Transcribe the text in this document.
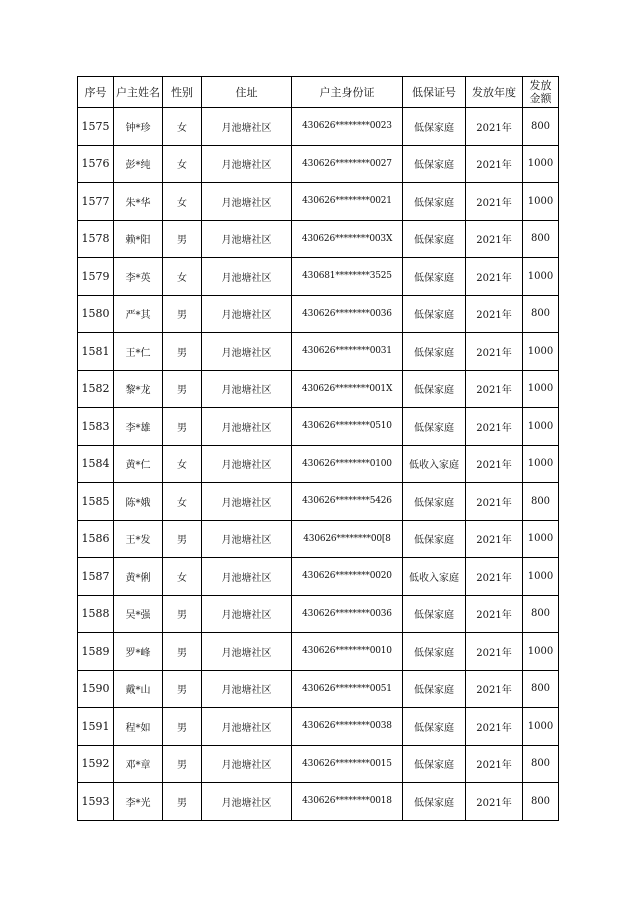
序号	户主姓名	性别	住址	户主身份证	低保证号	发放年度	发放
金额

1575	钟*珍	女	月池塘社区	430626********0023	低保家庭	2021年	800
1576	彭*纯	女	月池塘社区	430626********0027	低保家庭	2021年	1000
1577	朱*华	女	月池塘社区	430626********0021	低保家庭	2021年	1000
1578	赖*阳	男	月池塘社区	430626********003X	低保家庭	2021年	800
1579	李*英	女	月池塘社区	430681********3525	低保家庭	2021年	1000
1580	严*其	男	月池塘社区	430626********0036	低保家庭	2021年	800
1581	王*仁	男	月池塘社区	430626********0031	低保家庭	2021年	1000
1582	黎*龙	男	月池塘社区	430626********001X	低保家庭	2021年	1000
1583	李*雄	男	月池塘社区	430626********0510	低保家庭	2021年	1000
1584	黄*仁	女	月池塘社区	430626********0100	低收入家庭	2021年	1000
1585	陈*娥	女	月池塘社区	430626********5426	低保家庭	2021年	800
1586	王*发	男	月池塘社区	430626********00[8	低保家庭	2021年	1000
1587	黄*俐	女	月池塘社区	430626********0020	低收入家庭	2021年	1000
1588	吴*强	男	月池塘社区	430626********0036	低保家庭	2021年	800
1589	罗*峰	男	月池塘社区	430626********0010	低保家庭	2021年	1000
1590	戴*山	男	月池塘社区	430626********0051	低保家庭	2021年	800
1591	程*如	男	月池塘社区	430626********0038	低保家庭	2021年	1000
1592	邓*章	男	月池塘社区	430626********0015	低保家庭	2021年	800
1593	李*光	男	月池塘社区	430626********0018	低保家庭	2021年	800
